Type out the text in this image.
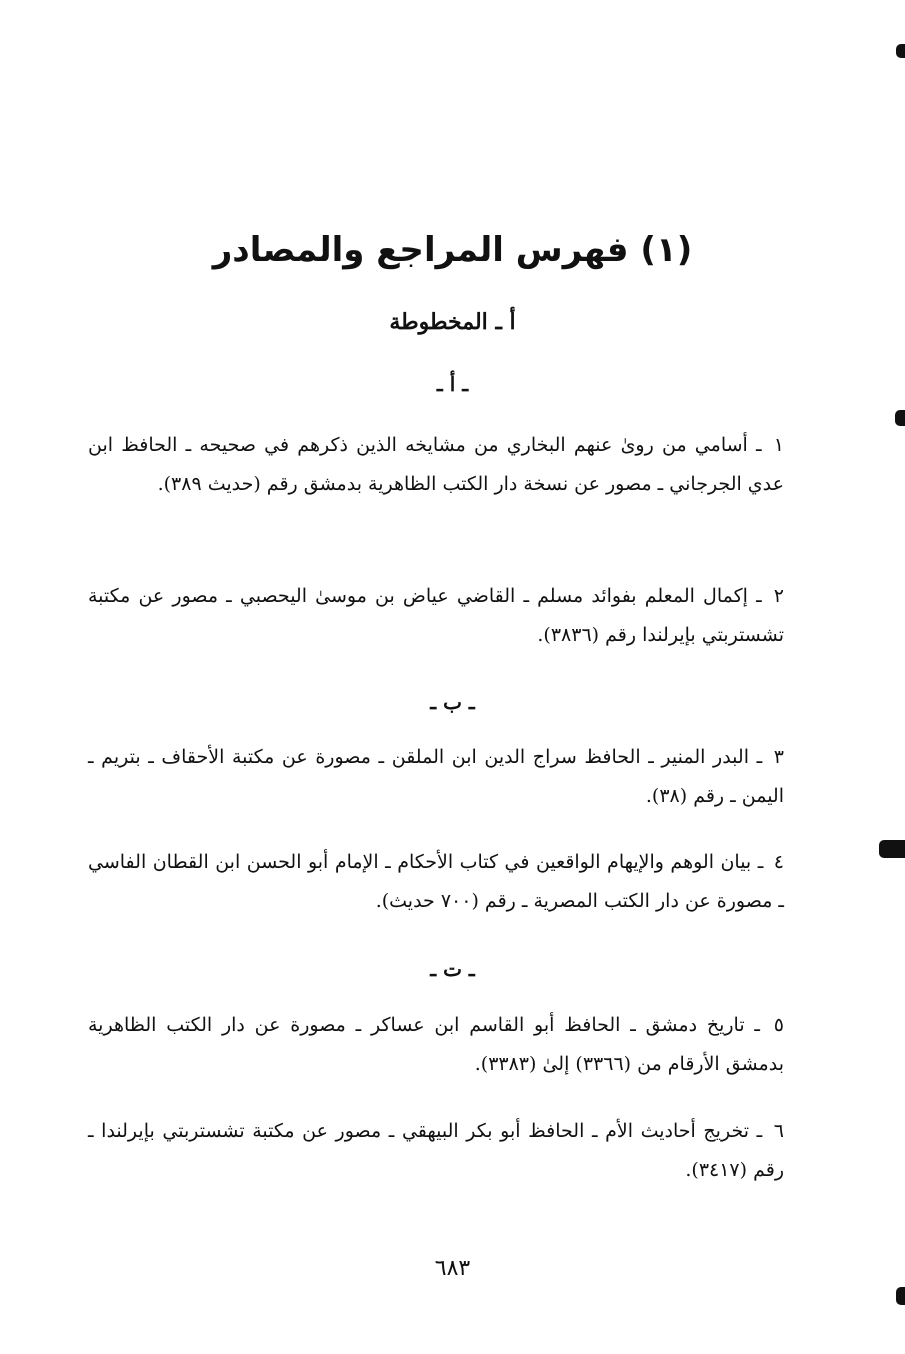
(١) فهرس المراجع والمصادر
أ ـ المخطوطة
ـ أ ـ

١ ـ أسامي من روىٰ عنهم البخاري من مشايخه الذين ذكرهم في صحيحه ـ الحافظ ابن عدي الجرجاني ـ مصور عن نسخة دار الكتب الظاهرية بدمشق رقم (حديث ٣٨٩).

٢ ـ إكمال المعلم بفوائد مسلم ـ القاضي عياض بن موسىٰ اليحصبي ـ مصور عن مكتبة تشستربتي بإيرلندا رقم (٣٨٣٦).

ـ ب ـ

٣ ـ البدر المنير ـ الحافظ سراج الدين ابن الملقن ـ مصورة عن مكتبة الأحقاف ـ بتريم ـ اليمن ـ رقم (٣٨).

٤ ـ بيان الوهم والإيهام الواقعين في كتاب الأحكام ـ الإمام أبو الحسن ابن القطان الفاسي ـ مصورة عن دار الكتب المصرية ـ رقم (٧٠٠ حديث).

ـ ت ـ

٥ ـ تاريخ دمشق ـ الحافظ أبو القاسم ابن عساكر ـ مصورة عن دار الكتب الظاهرية بدمشق الأرقام من (٣٣٦٦) إلىٰ (٣٣٨٣).

٦ ـ تخريج أحاديث الأم ـ الحافظ أبو بكر البيهقي ـ مصور عن مكتبة تشستربتي بإيرلندا ـ رقم (٣٤١٧).

٦٨٣
